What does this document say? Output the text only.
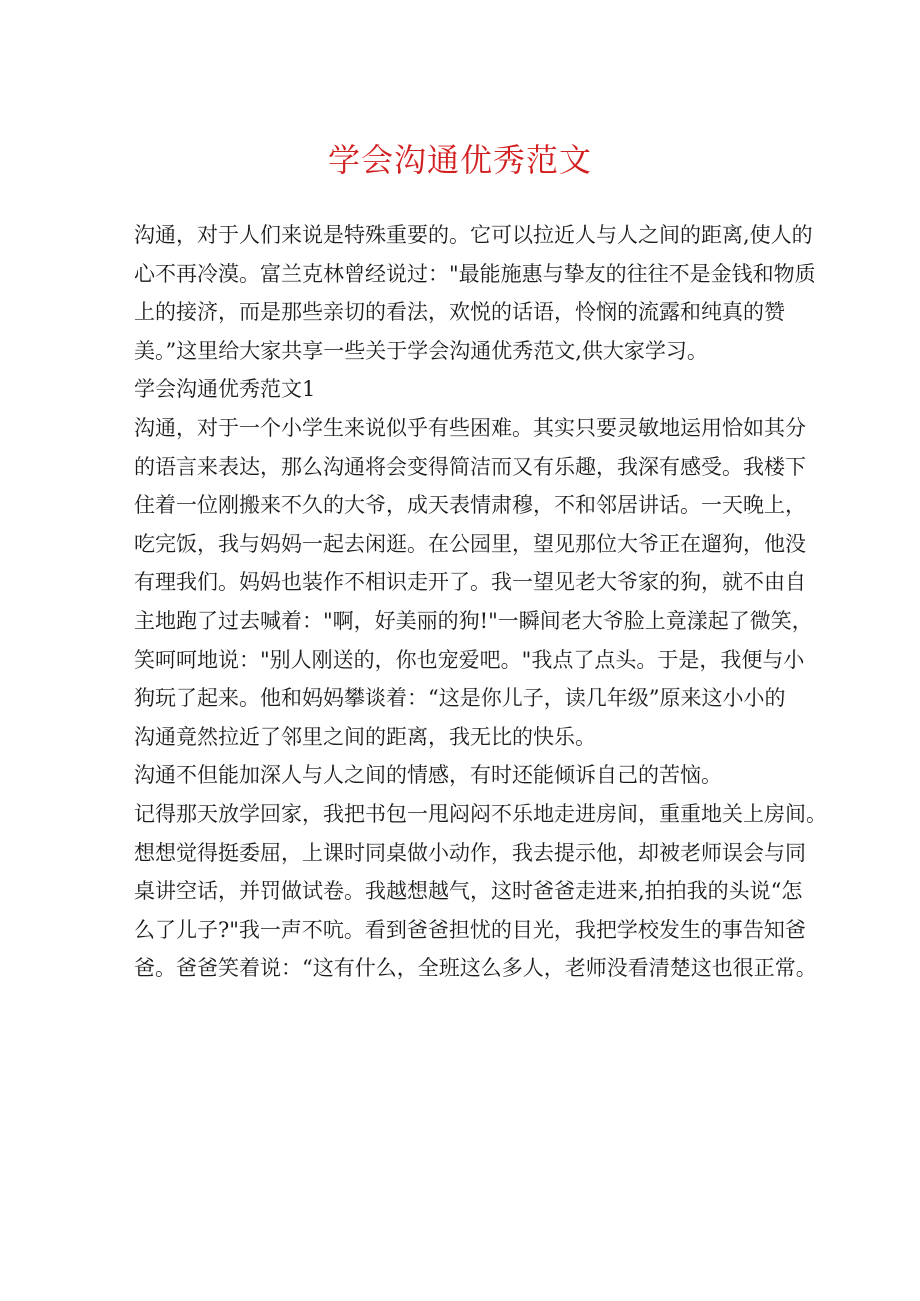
学会沟通优秀范文
沟通，对于人们来说是特殊重要的。它可以拉近人与人之间的距离,使人的
心不再冷漠。富兰克林曾经说过："最能施惠与挚友的往往不是金钱和物质
上的接济，而是那些亲切的看法，欢悦的话语，怜悯的流露和纯真的赞
美。”这里给大家共享一些关于学会沟通优秀范文,供大家学习。
学会沟通优秀范文1
沟通，对于一个小学生来说似乎有些困难。其实只要灵敏地运用恰如其分
的语言来表达，那么沟通将会变得简洁而又有乐趣，我深有感受。我楼下
住着一位刚搬来不久的大爷，成天表情肃穆，不和邻居讲话。一天晚上，
吃完饭，我与妈妈一起去闲逛。在公园里，望见那位大爷正在遛狗，他没
有理我们。妈妈也装作不相识走开了。我一望见老大爷家的狗，就不由自
主地跑了过去喊着："啊，好美丽的狗!"一瞬间老大爷脸上竟漾起了微笑，
笑呵呵地说："别人刚送的，你也宠爱吧。"我点了点头。于是，我便与小
狗玩了起来。他和妈妈攀谈着：“这是你儿子，读几年级”原来这小小的
沟通竟然拉近了邻里之间的距离，我无比的快乐。
沟通不但能加深人与人之间的情感，有时还能倾诉自己的苦恼。
记得那天放学回家，我把书包一甩闷闷不乐地走进房间，重重地关上房间。
想想觉得挺委屈，上课时同桌做小动作，我去提示他，却被老师误会与同
桌讲空话，并罚做试卷。我越想越气，这时爸爸走进来,拍拍我的头说“怎
么了儿子?"我一声不吭。看到爸爸担忧的目光，我把学校发生的事告知爸
爸。爸爸笑着说：“这有什么，全班这么多人，老师没看清楚这也很正常。
